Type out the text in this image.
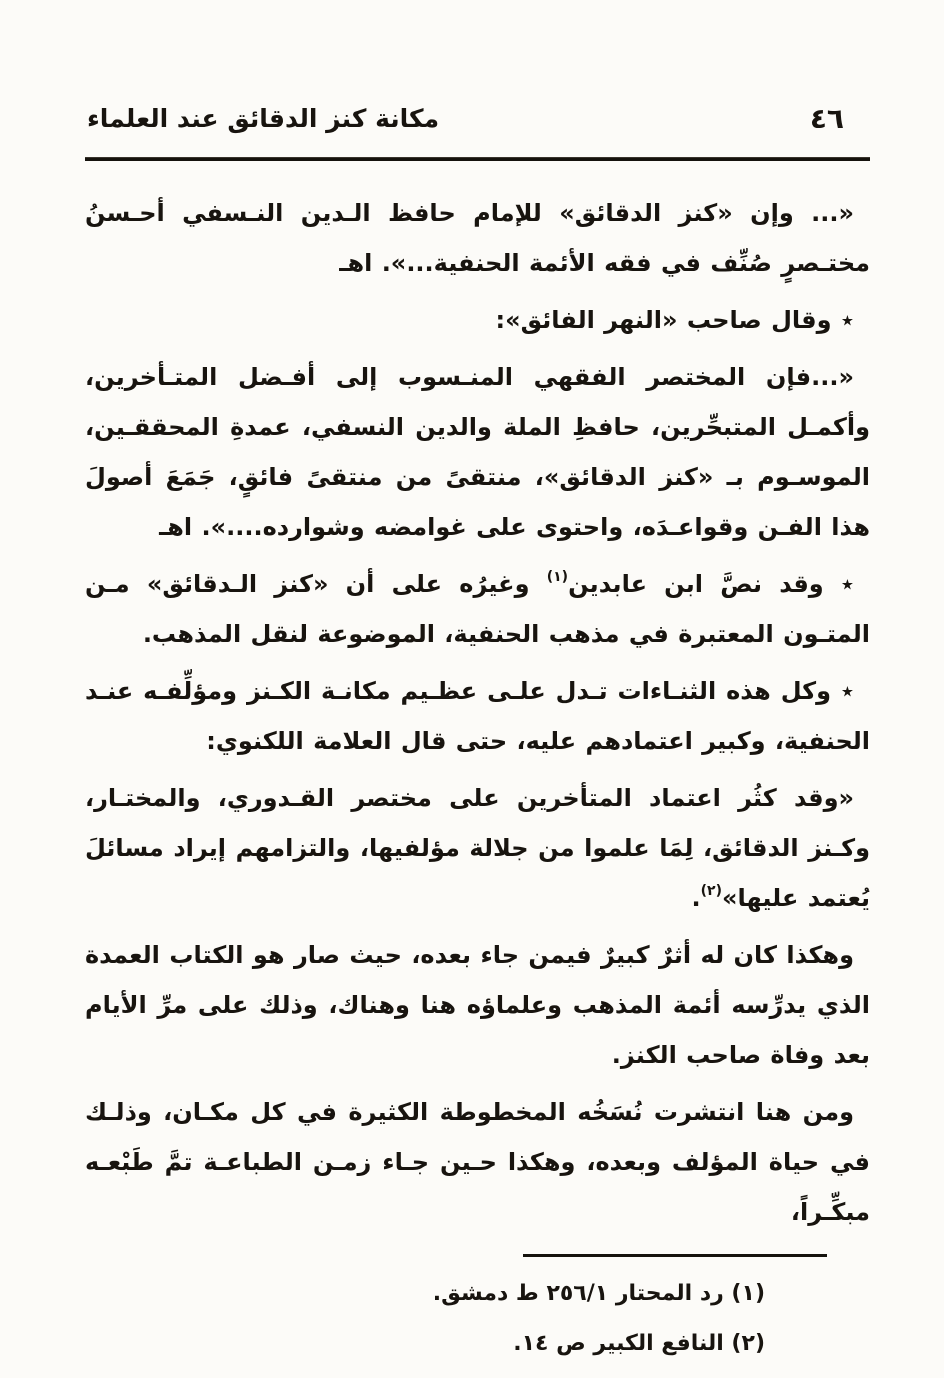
مكانة كنز الدقائق عند العلماء	٤٦

«... وإن «كنز الدقائق» للإمام حافظ الـدين النـسفي أحـسنُ مختـصرٍ صُنِّف في فقه الأئمة الحنفية...». اهـ

٭ وقال صاحب «النهر الفائق»:

«...فإن المختصر الفقهي المنـسوب إلى أفـضل المتـأخرين، وأكمـل المتبحِّرين، حافظِ الملة والدين النسفي، عمدةِ المحققـين، الموسـوم بـ «كنز الدقائق»، منتقىً من منتقىً فائقٍ، جَمَعَ أصولَ هذا الفـن وقواعـدَه، واحتوى على غوامضه وشوارده....». اهـ

٭ وقد نصَّ ابن عابدين$^{(١)}$ وغيرُه على أن «كنز الـدقائق» مـن المتـون المعتبرة في مذهب الحنفية، الموضوعة لنقل المذهب.

٭ وكل هذه الثنـاءات تـدل علـى عظـيم مكانـة الكـنز ومؤلِّفـه عنـد الحنفية، وكبير اعتمادهم عليه، حتى قال العلامة اللكنوي:

«وقد كثُر اعتماد المتأخرين على مختصر القـدوري، والمختـار، وكـنز الدقائق، لِمَا علموا من جلالة مؤلفيها، والتزامهم إيراد مسائلَ يُعتمد عليها»$^{(٢)}$.

وهكذا كان له أثرٌ كبيرٌ فيمن جاء بعده، حيث صار هو الكتاب العمدة الذي يدرِّسه أئمة المذهب وعلماؤه هنا وهناك، وذلك على مرِّ الأيام بعد وفاة صاحب الكنز.

ومن هنا انتشرت نُسَخُه المخطوطة الكثيرة في كل مكـان، وذلـك في حياة المؤلف وبعده، وهكذا حـين جـاء زمـن الطباعـة تمَّ طَبْعـه مبكِّـراً،

(١) رد المحتار ٢٥٦/١ ط دمشق.

(٢) النافع الكبير ص ١٤.
